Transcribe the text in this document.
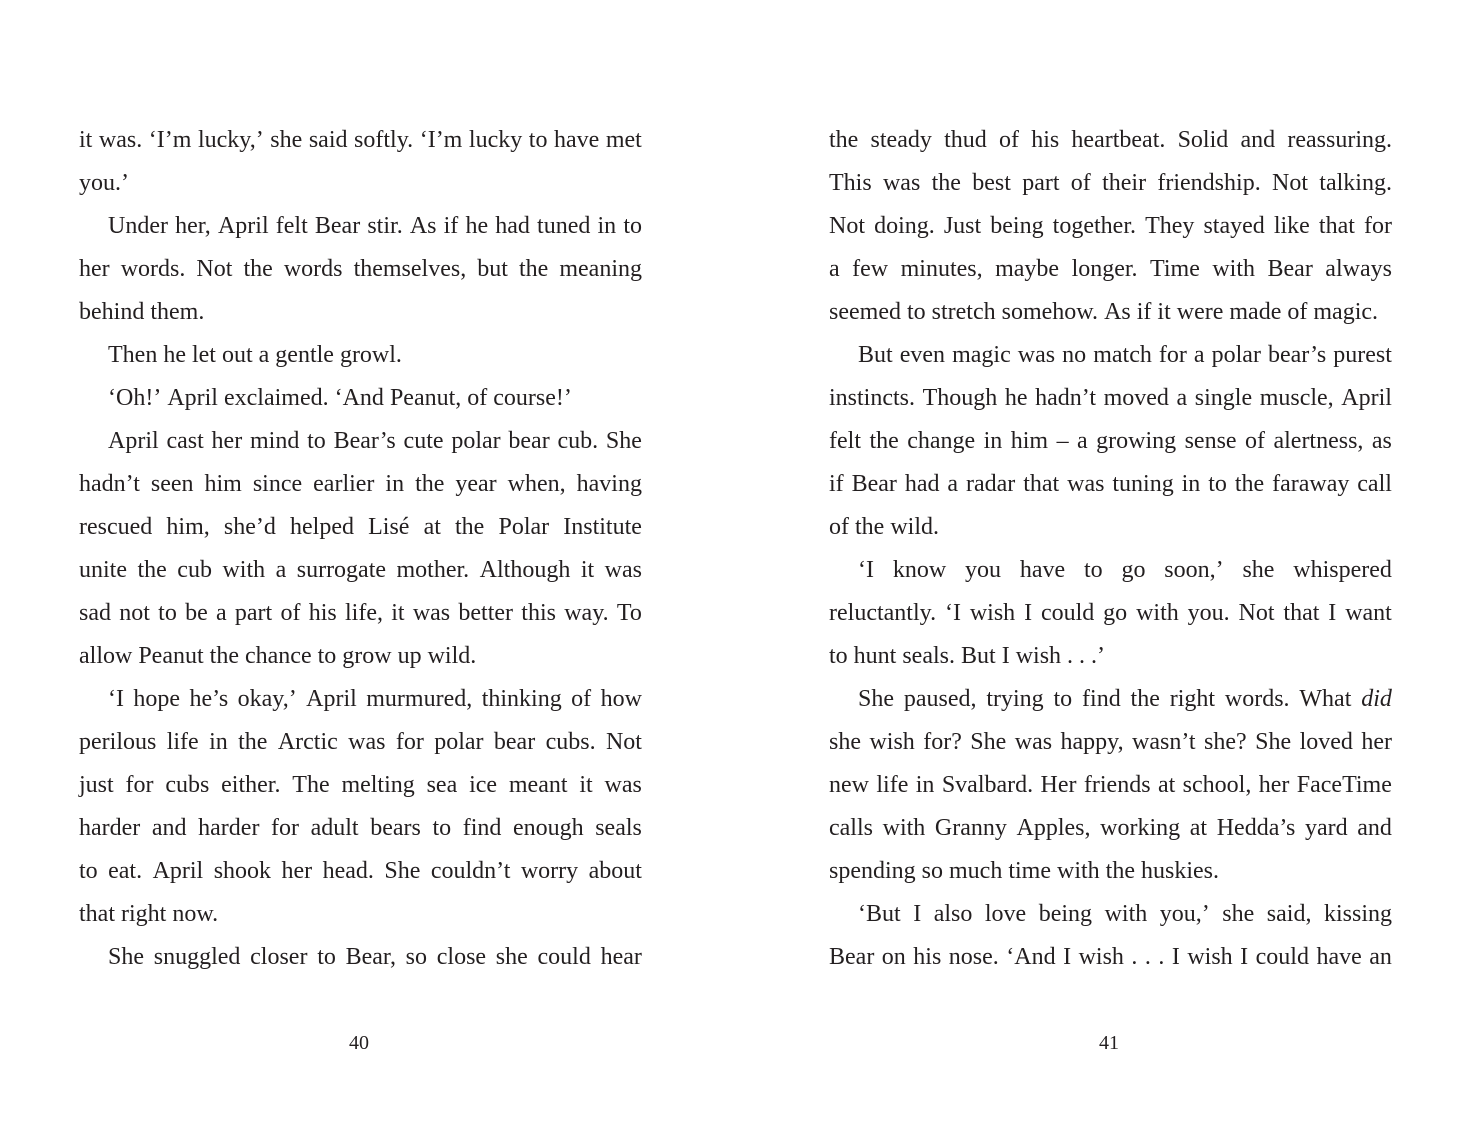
it was. ‘I’m lucky,’ she said softly. ‘I’m lucky to have met
you.’
Under her, April felt Bear stir. As if he had tuned in to
her words. Not the words themselves, but the meaning
behind them.
Then he let out a gentle growl.
‘Oh!’ April exclaimed. ‘And Peanut, of course!’
April cast her mind to Bear’s cute polar bear cub. She
hadn’t seen him since earlier in the year when, having
rescued him, she’d helped Lisé at the Polar Institute
unite the cub with a surrogate mother. Although it was
sad not to be a part of his life, it was better this way. To
allow Peanut the chance to grow up wild.
‘I hope he’s okay,’ April murmured, thinking of how
perilous life in the Arctic was for polar bear cubs. Not
just for cubs either. The melting sea ice meant it was
harder and harder for adult bears to find enough seals
to eat. April shook her head. She couldn’t worry about
that right now.
She snuggled closer to Bear, so close she could hear
the steady thud of his heartbeat. Solid and reassuring.
This was the best part of their friendship. Not talking.
Not doing. Just being together. They stayed like that for
a few minutes, maybe longer. Time with Bear always
seemed to stretch somehow. As if it were made of magic.
But even magic was no match for a polar bear’s purest
instincts. Though he hadn’t moved a single muscle, April
felt the change in him – a growing sense of alertness, as
if Bear had a radar that was tuning in to the faraway call
of the wild.
‘I know you have to go soon,’ she whispered
reluctantly. ‘I wish I could go with you. Not that I want
to hunt seals. But I wish . . .’
She paused, trying to find the right words. What did
she wish for? She was happy, wasn’t she? She loved her
new life in Svalbard. Her friends at school, her FaceTime
calls with Granny Apples, working at Hedda’s yard and
spending so much time with the huskies.
‘But I also love being with you,’ she said, kissing
Bear on his nose. ‘And I wish . . . I wish I could have an
40	41
